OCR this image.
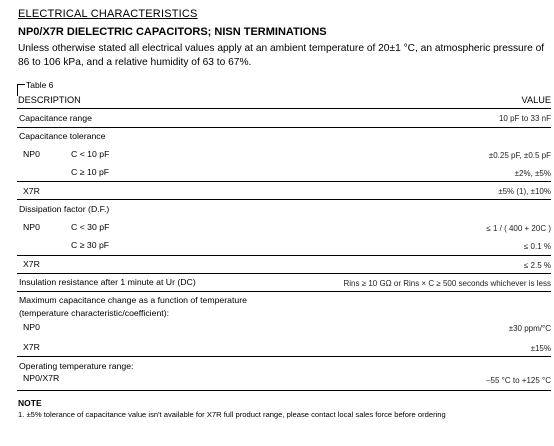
ELECTRICAL CHARACTERISTICS
NP0/X7R DIELECTRIC CAPACITORS; NISN TERMINATIONS
Unless otherwise stated all electrical values apply at an ambient temperature of 20±1 °C, an atmospheric pressure of 86 to 106 kPa, and a relative humidity of 63 to 67%.
Table 6
DESCRIPTION	VALUE
Capacitance range	10 pF to 33 nF
Capacitance tolerance
NP0	C < 10 pF	±0.25 pF, ±0.5 pF
C ≥ 10 pF	±2%, ±5%
X7R	±5% (1), ±10%
Dissipation factor (D.F.)
NP0	C < 30 pF	≤ 1 / ( 400 + 20C )
C ≥ 30 pF	≤ 0.1 %
X7R	≤ 2.5 %
Insulation resistance after 1 minute at Ur (DC)	Rins ≥ 10 GΩ or Rins × C ≥ 500 seconds whichever is less
Maximum capacitance change as a function of temperature
(temperature characteristic/coefficient):
NP0	±30 ppm/°C
X7R	±15%
Operating temperature range:
NP0/X7R	–55 °C to +125 °C
NOTE
1. ±5% tolerance of capacitance value isn't available for X7R full product range, please contact local sales force before ordering
